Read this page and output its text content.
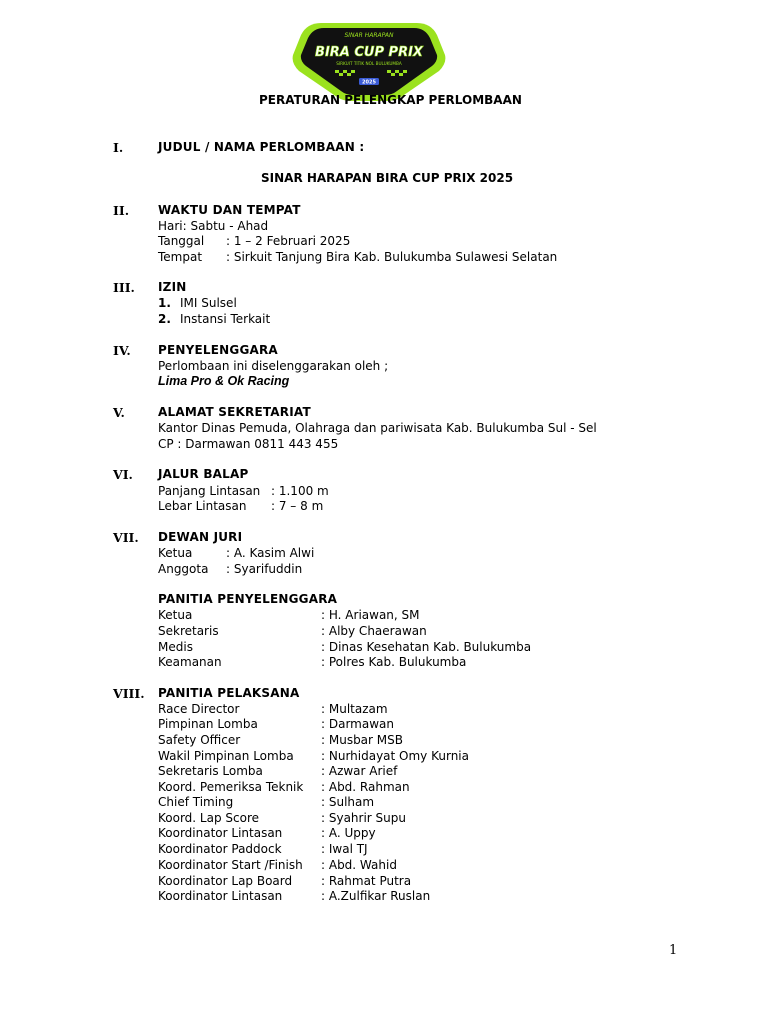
SINAR HARAPAN
BIRA CUP PRIX
SIRKUIT TITIK NOL BULUKUMBA
2025
PERATURAN PELENGKAP PERLOMBAAN
I.	JUDUL / NAMA PERLOMBAAN :
SINAR HARAPAN BIRA CUP PRIX 2025
II. WAKTU DAN TEMPAT
Hari: Sabtu - Ahad
Tanggal : 1 – 2 Februari 2025
Tempat : Sirkuit Tanjung Bira Kab. Bulukumba Sulawesi Selatan
III. IZIN
1. IMI Sulsel
2. Instansi Terkait
IV. PENYELENGGARA
Perlombaan ini diselenggarakan oleh ;
Lima Pro & Ok Racing
V.	ALAMAT SEKRETARIAT
Kantor Dinas Pemuda, Olahraga dan pariwisata Kab. Bulukumba Sul - Sel
CP : Darmawan 0811 443 455
VI. JALUR BALAP
Panjang Lintasan : 1.100 m
Lebar Lintasan : 7 – 8 m
VII. DEWAN JURI
Ketua	: A. Kasim Alwi
Anggota : Syarifuddin
PANITIA PENYELENGGARA
Ketua	: H. Ariawan, SM
Sekretaris	: Alby Chaerawan
Medis	: Dinas Kesehatan Kab. Bulukumba
Keamanan	: Polres Kab. Bulukumba
VIII. PANITIA PELAKSANA
Race Director	: Multazam
Pimpinan Lomba	: Darmawan
Safety Officer	: Musbar MSB
Wakil Pimpinan Lomba : Nurhidayat Omy Kurnia
Sekretaris Lomba	: Azwar Arief
Koord. Pemeriksa Teknik : Abd. Rahman
Chief Timing	: Sulham
Koord. Lap Score	: Syahrir Supu
Koordinator Lintasan	: A. Uppy
Koordinator Paddock	: Iwal TJ
Koordinator Start /Finish : Abd. Wahid
Koordinator Lap Board : Rahmat Putra
Koordinator Lintasan	: A.Zulfikar Ruslan
1
